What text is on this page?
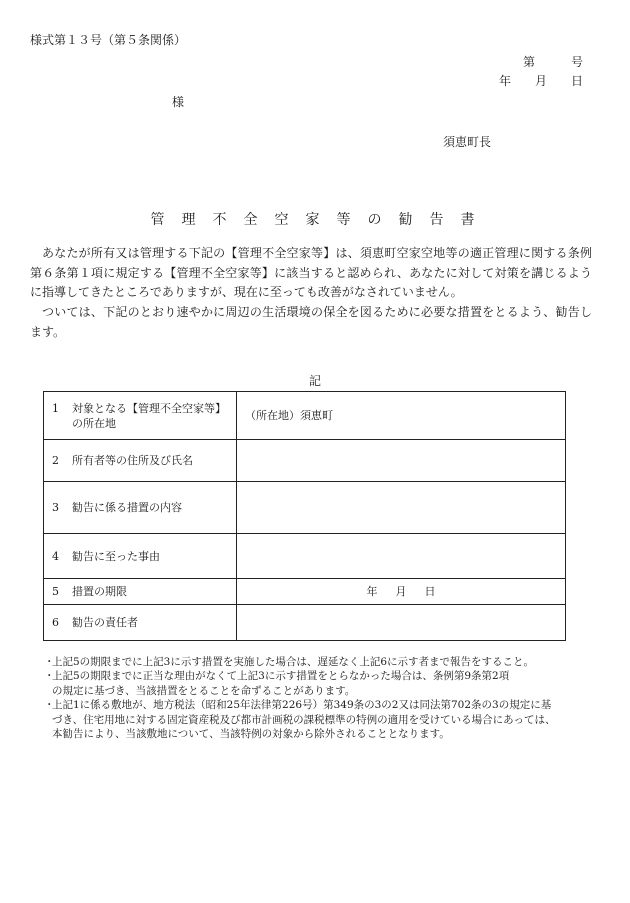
様式第１３号（第５条関係）
第　　　号
年　　月　　日
様
須恵町長
管理不全空家等の勧告書

あなたが所有又は管理する下記の【管理不全空家等】は、須恵町空家空地等の適正管理に関する条例第６条第１項に規定する【管理不全空家等】に該当すると認められ、あなたに対して対策を講じるように指導してきたところでありますが、現在に至っても改善がなされていません。

ついては、下記のとおり速やかに周辺の生活環境の保全を図るために必要な措置をとるよう、勧告します。

記
1 対象となる【管理不全空家等】
の所在地	（所在地）須恵町
2 所有者等の住所及び氏名	
3 勧告に係る措置の内容	
4 勧告に至った事由	
5 措置の期限	年 月 日
6 勧告の責任者	
・
上記5の期限までに上記3に示す措置を実施した場合は、遅延なく上記6に示す者まで報告をすること。
・
上記5の期限までに正当な理由がなくて上記3に示す措置をとらなかった場合は、条例第9条第2項
の規定に基づき、当該措置をとることを命ずることがあります。
・
上記1に係る敷地が、地方税法（昭和25年法律第226号）第349条の3の2又は同法第702条の3の規定に基
づき、住宅用地に対する固定資産税及び都市計画税の課税標準の特例の適用を受けている場合にあっては、
本勧告により、当該敷地について、当該特例の対象から除外されることとなります。
